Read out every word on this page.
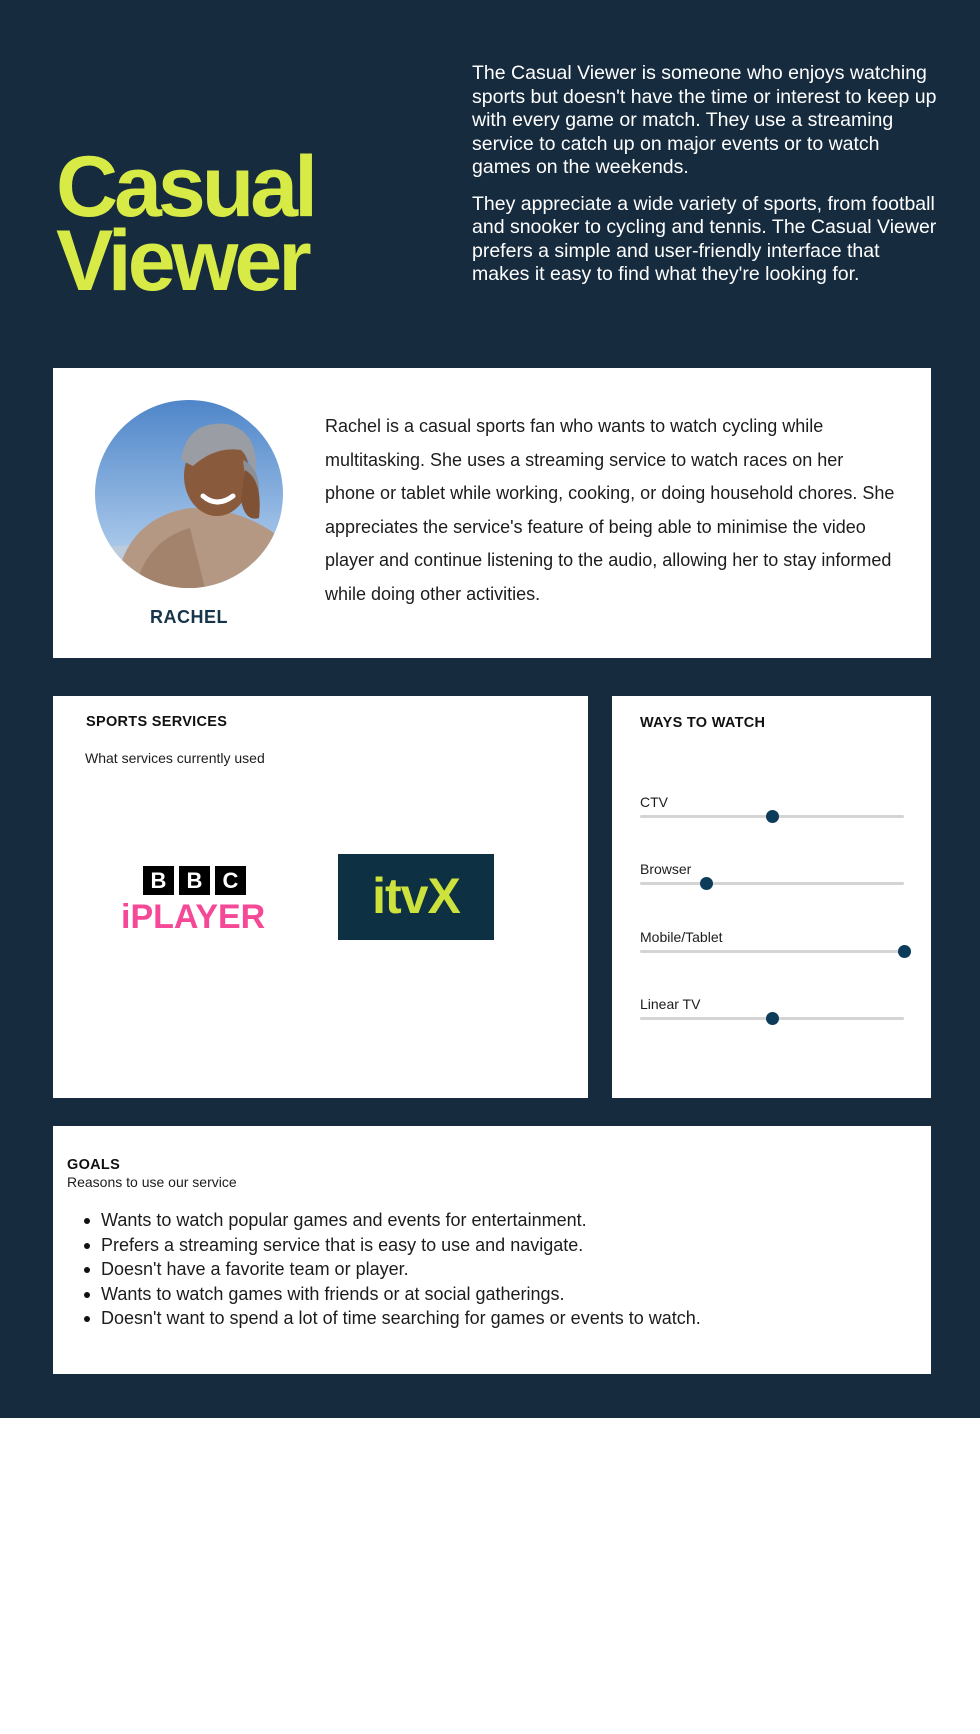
Casual
Viewer

The Casual Viewer is someone who enjoys watching sports but doesn't have the time or interest to keep up with every game or match. They use a streaming service to catch up on major events or to watch games on the weekends.

They appreciate a wide variety of sports, from football and snooker to cycling and tennis. The Casual Viewer prefers a simple and user-friendly interface that makes it easy to find what they're looking for.

RACHEL

Rachel is a casual sports fan who wants to watch cycling while multitasking. She uses a streaming service to watch races on her phone or tablet while working, cooking, or doing household chores. She appreciates the service's feature of being able to minimise the video player and continue listening to the audio, allowing her to stay informed while doing other activities.

SPORTS SERVICES
What services currently used
B B C
iPLAYER itvX
WAYS TO WATCH
CTV
Browser
Mobile/Tablet
Linear TV
GOALS
Reasons to use our service
Wants to watch popular games and events for entertainment.
Prefers a streaming service that is easy to use and navigate.
Doesn't have a favorite team or player.
Wants to watch games with friends or at social gatherings.
Doesn't want to spend a lot of time searching for games or events to watch.
